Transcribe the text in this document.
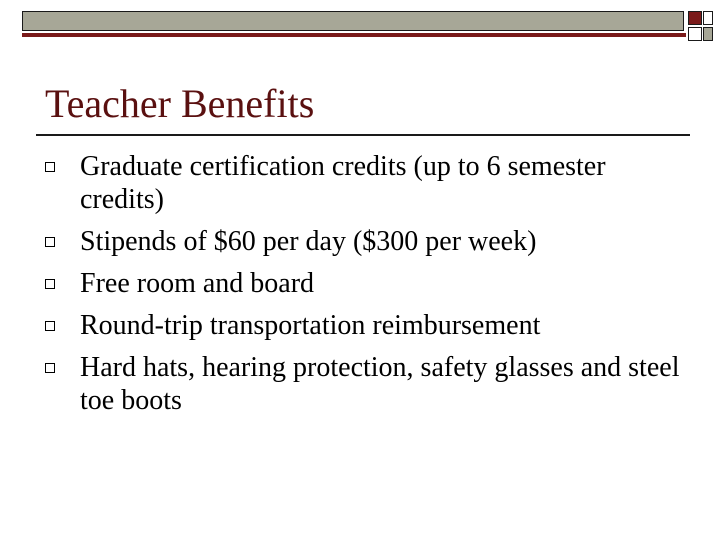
Teacher Benefits
Graduate certification credits (up to 6 semester credits)
Stipends of $60 per day ($300 per week)
Free room and board
Round-trip transportation reimbursement
Hard hats, hearing protection, safety glasses and steel toe boots
